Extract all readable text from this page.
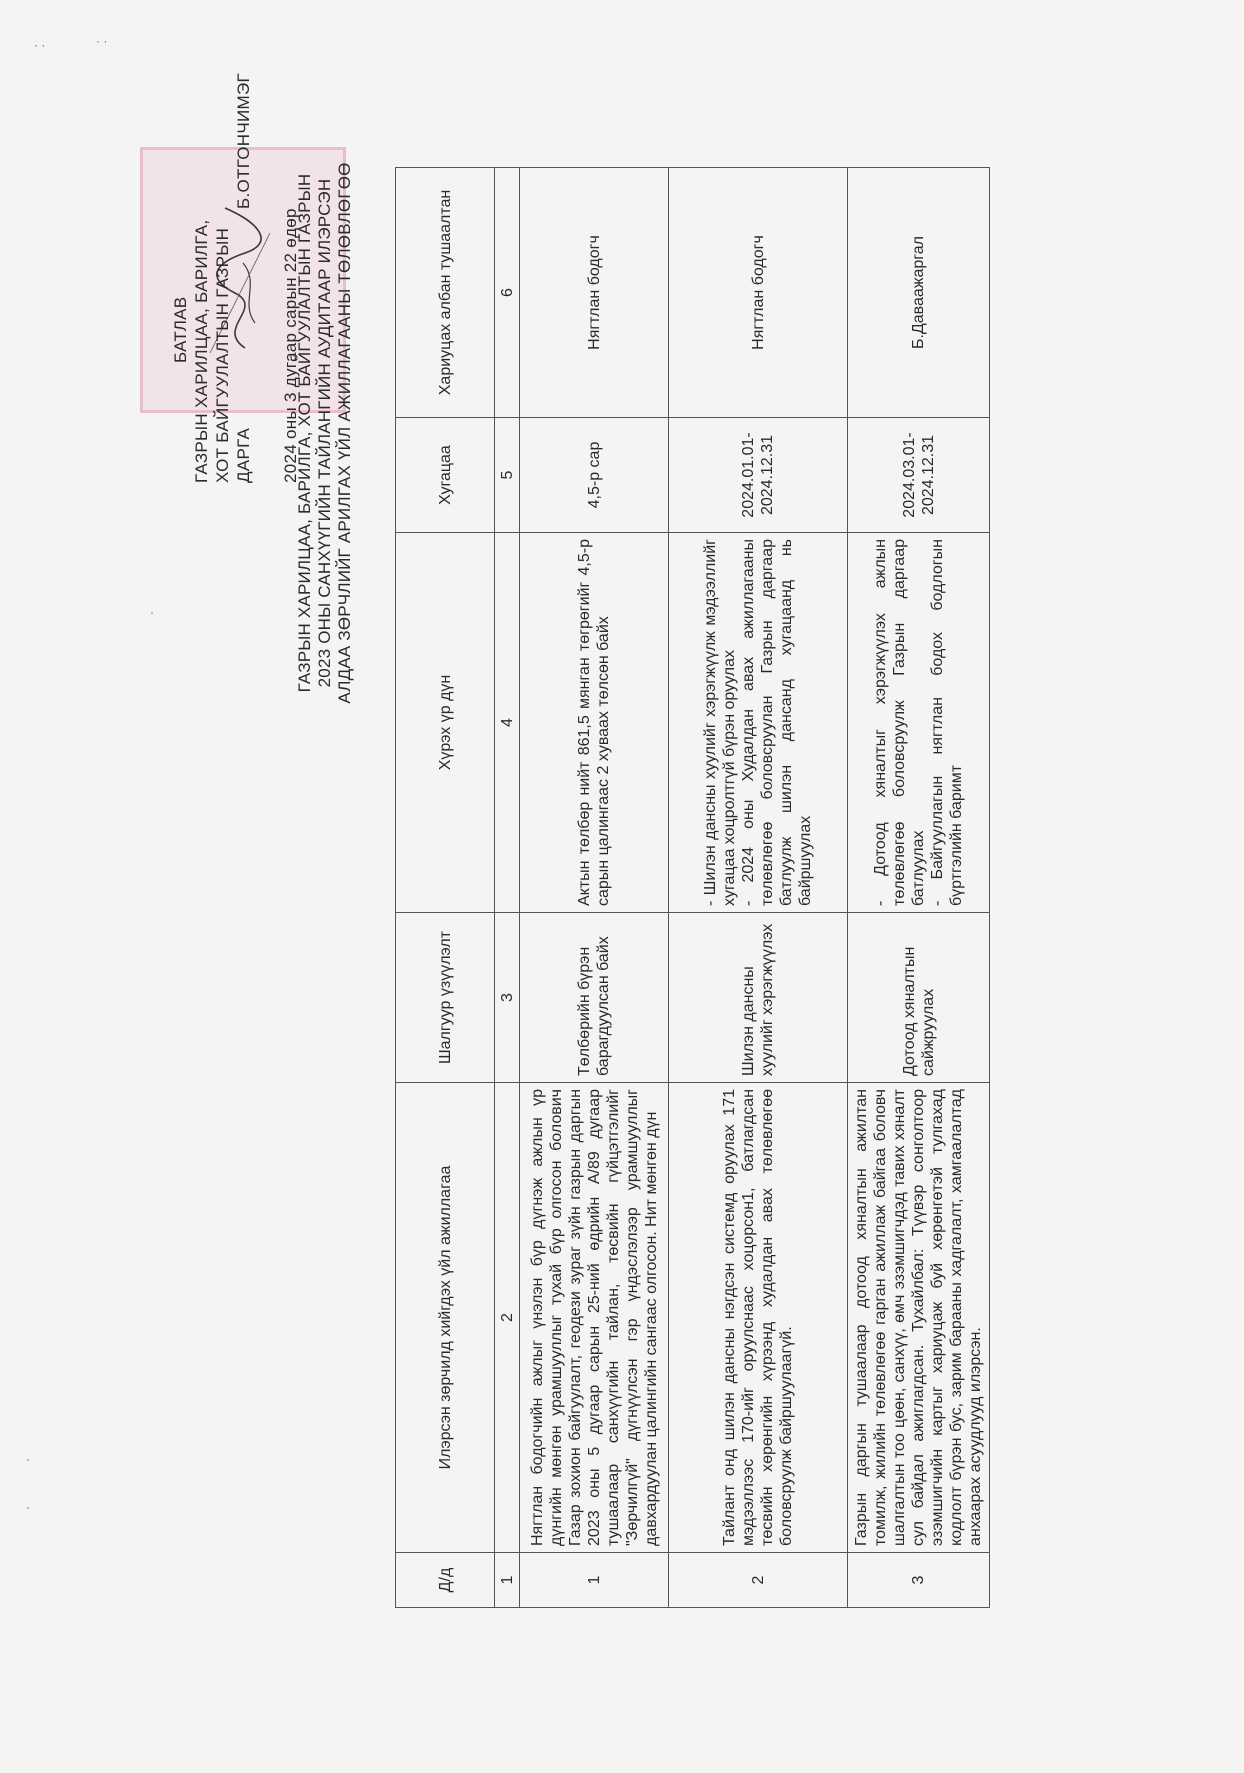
· ·	· ·
·
·
·
БАТЛАВ ГАЗРЫН ХАРИЛЦАА, БАРИЛГА, ХОТ БАЙГУУЛАЛТЫН ГАЗРЫН ДАРГА
Б.ОТГОНЧИМЭГ
2024 оны 3 дугаар сарын 22 өдөр
ГАЗРЫН ХАРИЛЦАА, БАРИЛГА, ХОТ БАЙГУУЛАЛТЫН ГАЗРЫН 2023 ОНЫ САНХҮҮГИЙН ТАЙЛАНГИЙН АУДИТААР ИЛЭРСЭН АЛДАА ЗӨРЧЛИЙГ АРИЛГАХ ҮЙЛ АЖИЛЛАГААНЫ ТӨЛӨВЛӨГӨӨ
Д/д	Илэрсэн зөрчилд хийгдэх үйл ажиллагаа	Шалгуур үзүүлэлт	Хүрэх үр дүн	Хугацаа	Хариуцах албан тушаалтан
1	2	3	4	5	6
1	Нягтлан бодогчийн ажлыг үнэлэн бүр дүгнэж ажлын үр дүнгийн мөнгөн урамшууллыг тухай бүр олгосон болович Газар зохион байгуулалт, геодези зураг зүйн газрын даргын 2023 оны 5 дугаар сарын 25-ний өдрийн А/89 дугаар тушаалаар санхүүгийн тайлан, төсвийн гүйцэтгэлийг "Зөрчилгүй" дүгнүүлсэн гэр үндэслэлээр урамшууллыг давхардуулан цалингийн сангаас олгосон. Нит мөнгөн дүн	Төлбөрийн бүрэн барагдуулсан байх	Актын төлбөр нийт 861,5 мянган төгрөгийг 4,5-р сарын цалингаас 2 хуваах төлсөн байх	4,5-р сар	Нягтлан бодогч
2	Тайлант онд шилэн дансны нэгдсэн системд оруулах 171 мэдээллээс 170-ийг оруулснаас хоцорсон1, батлагдсан төсвийн хөрөнгийн хүрээнд худалдан авах төлөвлөгөө боловсруулж байршуулаагүй.	Шилэн дансны хуулийг хэрэгжүүлэх	- Шилэн дансны хуулийг хэрэгжүүлж мэдээллийг хугацаа хоцролтгүй бүрэн оруулах - 2024 оны Худалдан авах ажиллагааны төлөвлөгөө боловсруулан Газрын даргаар батлуулж шилэн дансанд хугацаанд нь байршуулах	2024.01.01- 2024.12.31	Нягтлан бодогч
3	Газрын даргын тушаалаар дотоод хяналтын ажилтан томилж, жилийн төлөвлөгөө гарган ажиллаж байгаа боловч шалгалтын тоо цөөн, санхүү, өмч эзэмшигчдэд тавих хяналт сул байдал ажиглагдсан. Тухайлбал: Түүвэр сонголтоор эзэмшигчийн картыг хариуцаж буй хөрөнгөтэй тулгахад кодлолт бүрэн бус, зарим барааны хадгалалт, хамгаалалтад анхаарах асуудлууд илэрсэн.	Дотоод хяналтын сайжруулах	- Дотоод хяналтыг хэрэгжүүлэх ажлын төлөвлөгөө боловсруулж Газрын даргаар батлуулах - Байгууллагын нягтлан бодох бодлогын бүртгэлийн баримт	2024.03.01- 2024.12.31	Б.Даваажаргал
